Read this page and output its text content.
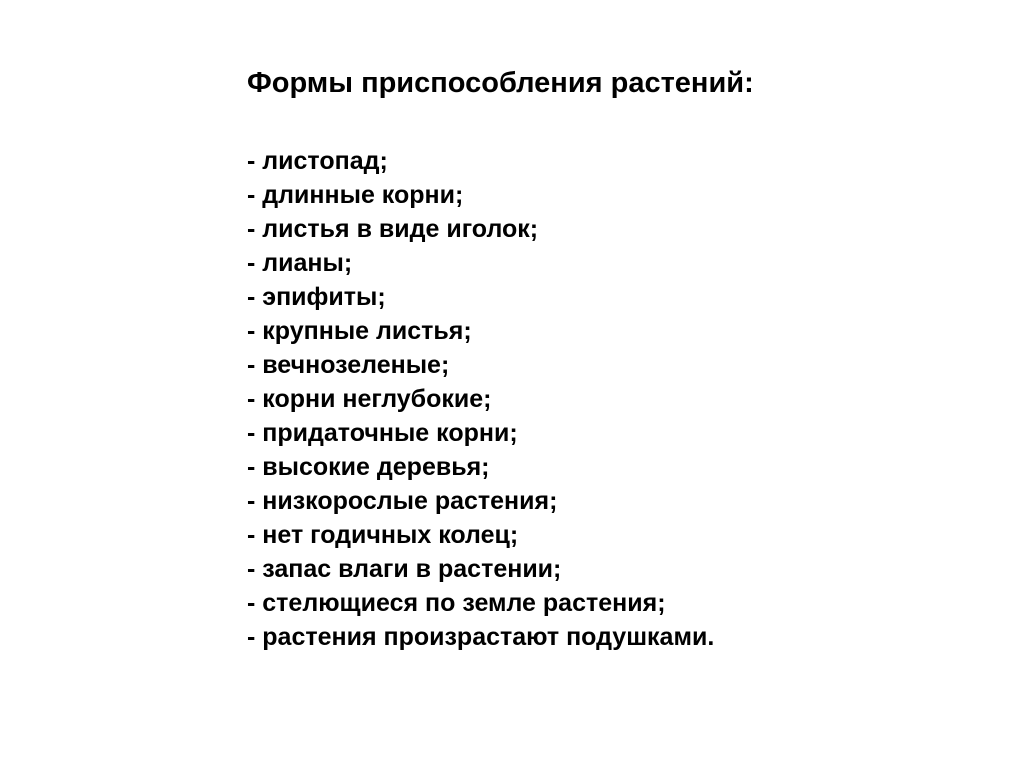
Формы приспособления растений:
- листопад;
- длинные корни;
- листья в виде иголок;
- лианы;
- эпифиты;
- крупные листья;
- вечнозеленые;
- корни неглубокие;
- придаточные корни;
- высокие деревья;
- низкорослые растения;
- нет годичных колец;
- запас влаги в растении;
- стелющиеся по земле растения;
- растения произрастают подушками.
